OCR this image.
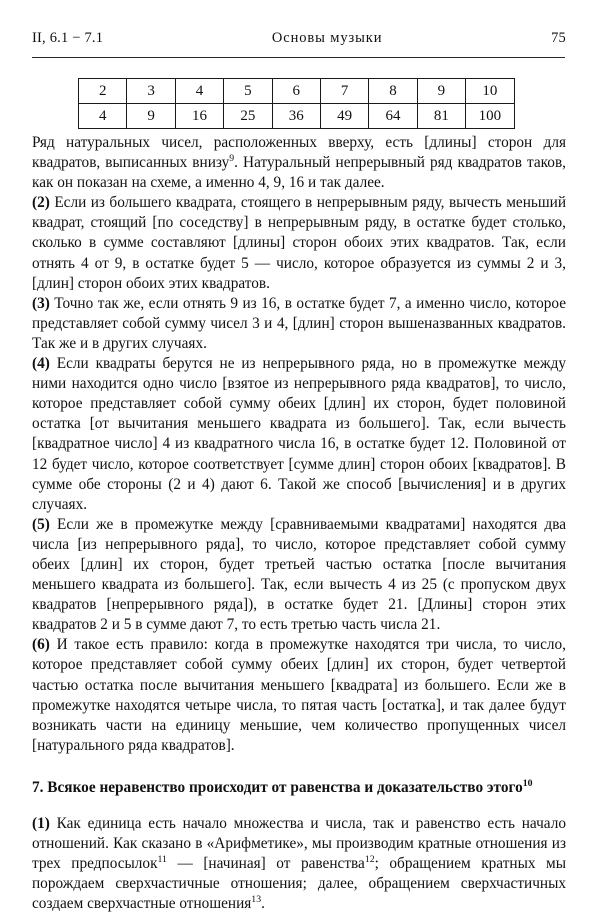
II, 6.1 − 7.1	Основы музыки	75
2	3	4	5	6	7	8	9	10
4	9	16	25	36	49	64	81	100

Ряд натуральных чисел, расположенных вверху, есть [длины] сторон для квадратов, выписанных внизу$^9$. Натуральный непрерывный ряд квадратов таков, как он показан на схеме, а именно 4, 9, 16 и так далее.

(2) Если из большего квадрата, стоящего в непрерывным ряду, вычесть меньший квадрат, стоящий [по соседству] в непрерывным ряду, в остатке будет столько, сколько в сумме составляют [длины] сторон обоих этих квадратов. Так, если отнять 4 от 9, в остатке будет 5 — число, которое образуется из суммы 2 и 3, [длин] сторон обоих этих квадратов.

(3) Точно так же, если отнять 9 из 16, в остатке будет 7, а именно число, которое представляет собой сумму чисел 3 и 4, [длин] сторон вышеназванных квадратов. Так же и в других случаях.

(4) Если квадраты берутся не из непрерывного ряда, но в промежутке между ними находится одно число [взятое из непрерывного ряда квадратов], то число, которое представляет собой сумму обеих [длин] их сторон, будет половиной остатка [от вычитания меньшего квадрата из большего]. Так, если вычесть [квадратное число] 4 из квадратного числа 16, в остатке будет 12. Половиной от 12 будет число, которое соответствует [сумме длин] сторон обоих [квадратов]. В сумме обе стороны (2 и 4) дают 6. Такой же способ [вычисления] и в других случаях.

(5) Если же в промежутке между [сравниваемыми квадратами] находятся два числа [из непрерывного ряда], то число, которое представляет собой сумму обеих [длин] их сторон, будет третьей частью остатка [после вычитания меньшего квадрата из большего]. Так, если вычесть 4 из 25 (с пропуском двух квадратов [непрерывного ряда]), в остатке будет 21. [Длины] сторон этих квадратов 2 и 5 в сумме дают 7, то есть третью часть числа 21.

(6) И такое есть правило: когда в промежутке находятся три числа, то число, которое представляет собой сумму обеих [длин] их сторон, будет четвертой частью остатка после вычитания меньшего [квадрата] из большего. Если же в промежутке находятся четыре числа, то пятая часть [остатка], и так далее будут возникать части на единицу меньшие, чем количество пропущенных чисел [натурального ряда квадратов].

7. Всякое неравенство происходит от равенства и доказательство этого$^{10}$

(1) Как единица есть начало множества и числа, так и равенство есть начало отношений. Как сказано в «Арифметике», мы производим кратные отношения из трех предпосылок$^{11}$ — [начиная] от равенства$^{12}$; обращением кратных мы порождаем сверхчастичные отношения; далее, обращением сверхчастичных создаем сверхчастные отношения$^{13}$.
